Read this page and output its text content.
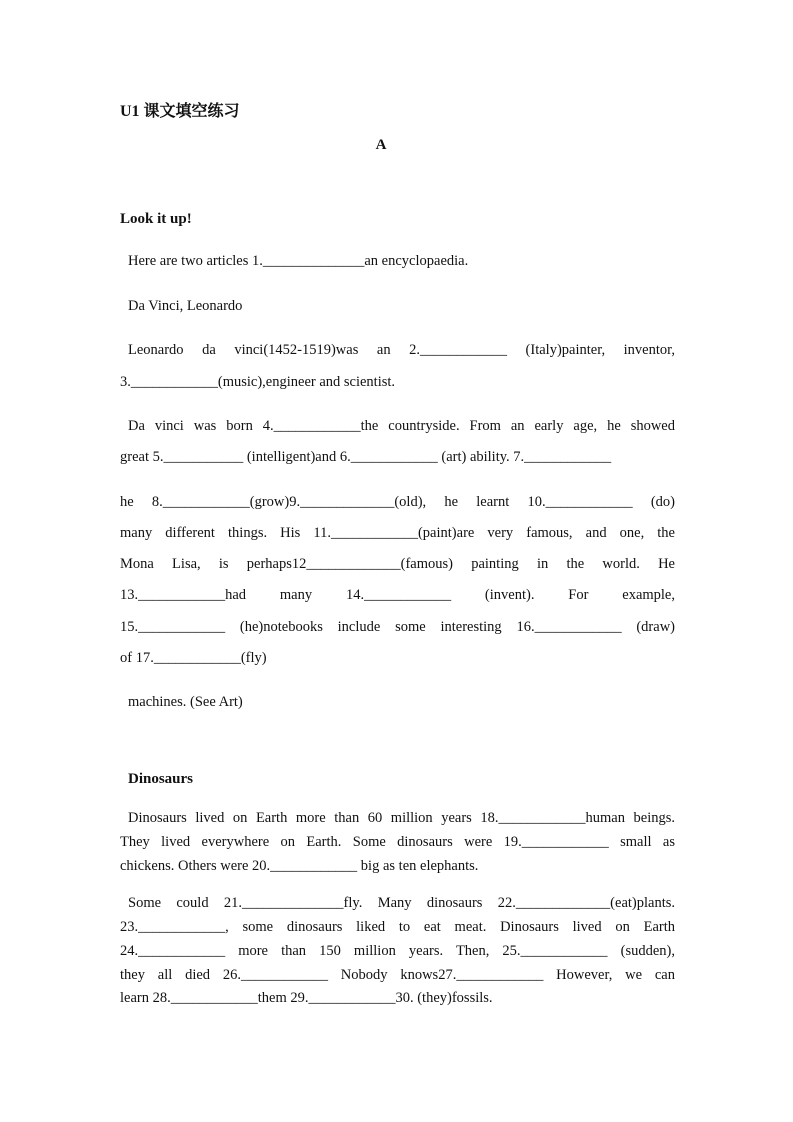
U1 课文填空练习
A
Look it up!
Here are two articles 1.______________an encyclopaedia.
Da Vinci, Leonardo
Leonardo da vinci(1452-1519)was an 2.____________ (Italy)painter, inventor,
3.____________(music),engineer and scientist.
Da vinci was born 4.____________the countryside. From an early age, he showed
great 5.___________ (intelligent)and 6.____________ (art) ability. 7.____________
he 8.____________(grow)9._____________(old), he learnt 10.____________ (do)
many different things. His 11.____________(paint)are very famous, and one, the
Mona Lisa, is perhaps12_____________(famous) painting in the world. He
13.____________had many 14.____________ (invent). For example,
15.____________ (he)notebooks include some interesting 16.____________ (draw)
of 17.____________(fly)
machines. (See Art)
Dinosaurs
Dinosaurs lived on Earth more than 60 million years 18.____________human beings.
They lived everywhere on Earth. Some dinosaurs were 19.____________ small as
chickens. Others were 20.____________ big as ten elephants.
Some could 21.______________fly. Many dinosaurs 22._____________(eat)plants.
23.____________, some dinosaurs liked to eat meat. Dinosaurs lived on Earth
24.____________ more than 150 million years. Then, 25.____________ (sudden),
they all died 26.____________ Nobody knows27.____________ However, we can
learn 28.____________them 29.____________30. (they)fossils.
